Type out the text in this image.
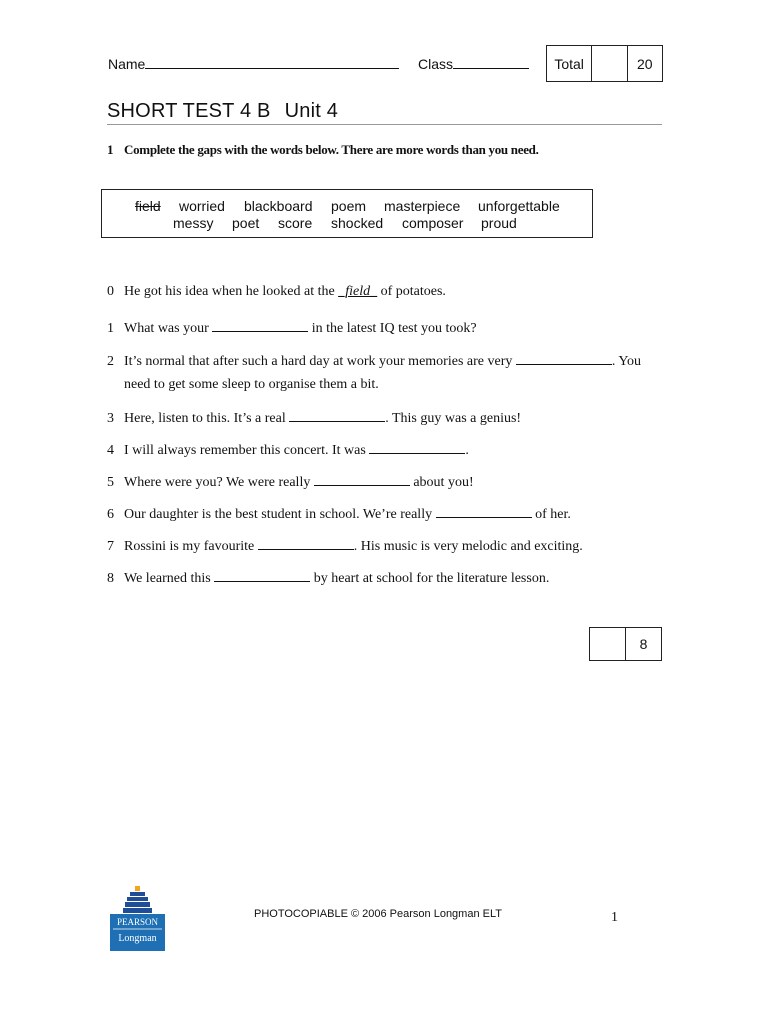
Name	Class	Total	20
SHORT TEST 4 B Unit 4
1 Complete the gaps with the words below. There are more words than you need.
field worried blackboard poem masterpiece unforgettable
messy poet score shocked composer proud
0 He got his idea when he looked at the _field_ of potatoes.
1 What was your	in the latest IQ test you took?
2 It’s normal that after such a hard day at work your memories are very	. You need to get some sleep to organise them a bit.
3 Here, listen to this. It’s a real	. This guy was a genius!
4 I will always remember this concert. It was	.
5 Where were you? We were really	about you!
6 Our daughter is the best student in school. We’re really	of her.
7 Rossini is my favourite	. His music is very melodic and exciting.
8 We learned this	by heart at school for the literature lesson.
8
PEARSON
Longman
PHOTOCOPIABLE © 2006 Pearson Longman ELT	1
